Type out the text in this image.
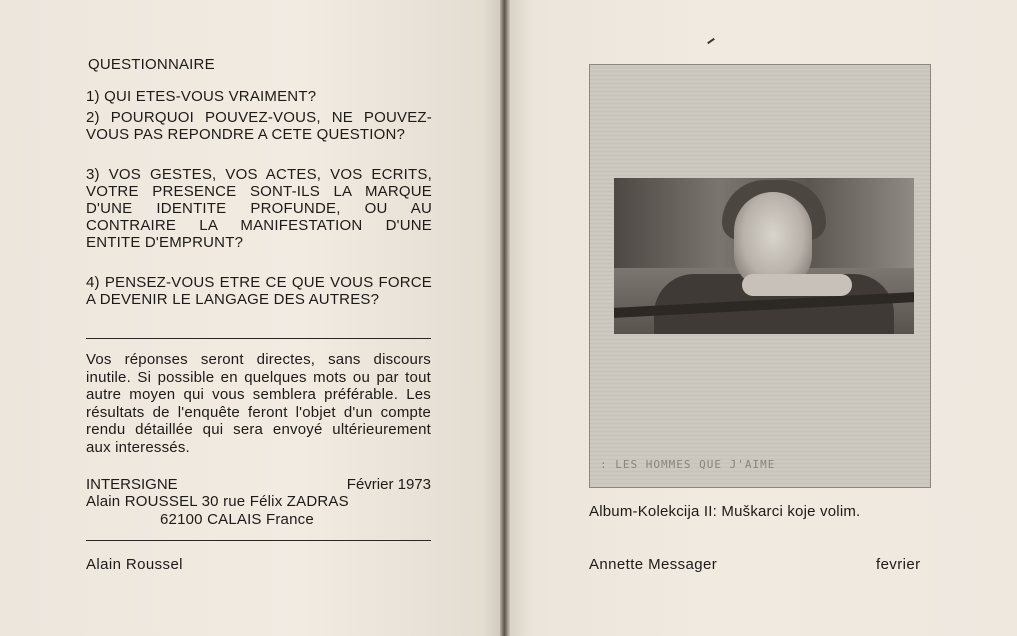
QUESTIONNAIRE

1) QUI ETES-VOUS VRAIMENT?

2) POURQUOI POUVEZ-VOUS, NE POUVEZ-VOUS PAS REPONDRE A CETE QUESTION?

3) VOS GESTES, VOS ACTES, VOS ECRITS, VOTRE PRESENCE SONT-ILS LA MARQUE D'UNE IDENTITE PROFUNDE, OU AU CONTRAIRE LA MANIFESTATION D'UNE ENTITE D'EMPRUNT?

4) PENSEZ-VOUS ETRE CE QUE VOUS FORCE A DEVENIR LE LANGAGE DES AUTRES?

Vos réponses seront directes, sans discours inutile. Si possible en quelques mots ou par tout autre moyen qui vous semblera préférable. Les résultats de l'enquête feront l'objet d'un compte rendu détaillée qui sera envoyé ultérieurement aux interessés.

INTERSIGNE	Février 1973

Alain ROUSSEL 30 rue Félix ZADRAS

62100 CALAIS France

Alain Roussel

: LES HOMMES QUE J'AIME

Album-Kolekcija II: Muškarci koje volim.

Annette Messager	fevrier
